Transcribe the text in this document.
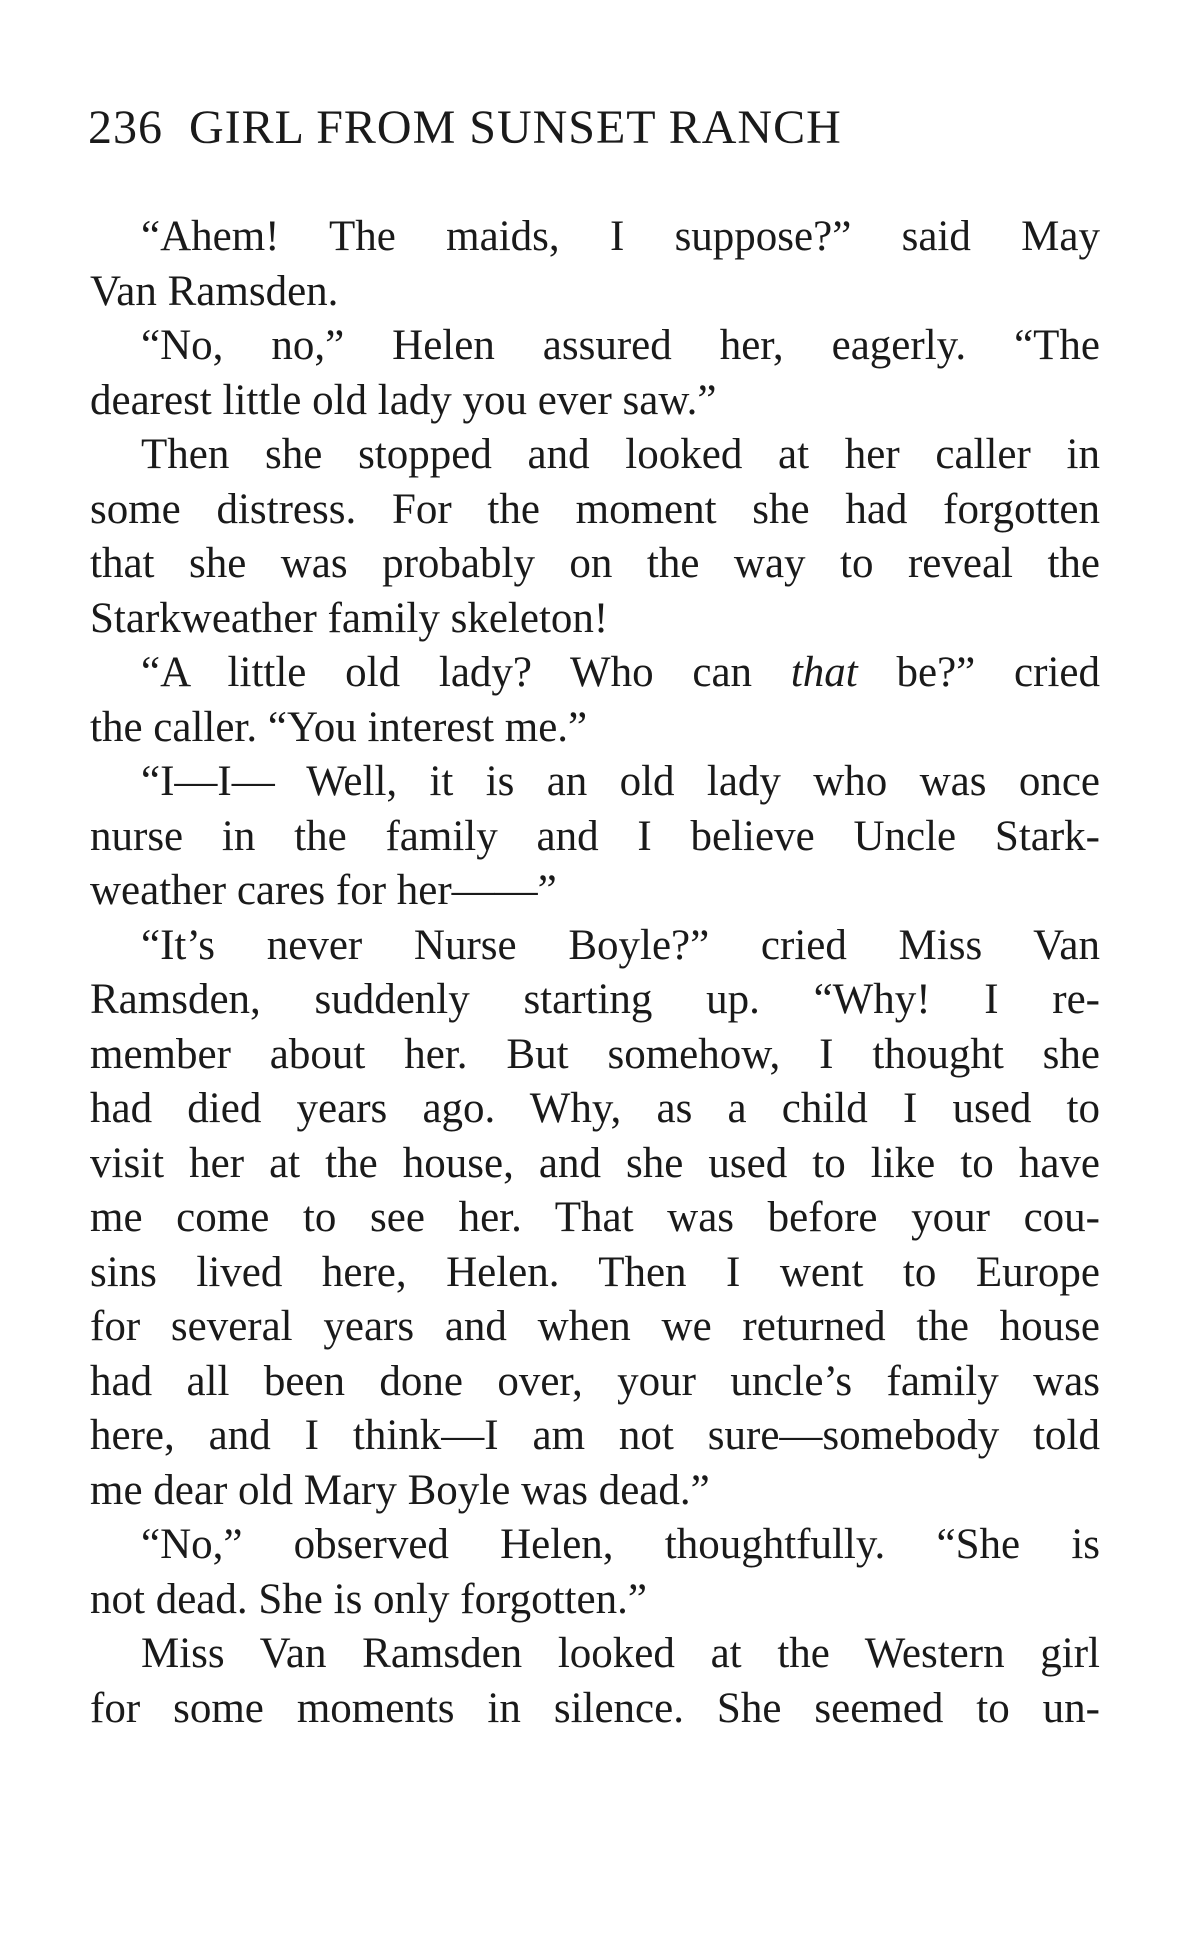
236 GIRL FROM SUNSET RANCH
“Ahem! The maids, I suppose?” said May
Van Ramsden.
“No, no,” Helen assured her, eagerly. “The
dearest little old lady you ever saw.”
Then she stopped and looked at her caller in
some distress. For the moment she had forgotten
that she was probably on the way to reveal the
Starkweather family skeleton!
“A little old lady? Who can that be?” cried
the caller. “You interest me.”
“I—I— Well, it is an old lady who was once
nurse in the family and I believe Uncle Stark-
weather cares for her——”
“It’s never Nurse Boyle?” cried Miss Van
Ramsden, suddenly starting up. “Why! I re-
member about her. But somehow, I thought she
had died years ago. Why, as a child I used to
visit her at the house, and she used to like to have
me come to see her. That was before your cou-
sins lived here, Helen. Then I went to Europe
for several years and when we returned the house
had all been done over, your uncle’s family was
here, and I think—I am not sure—somebody told
me dear old Mary Boyle was dead.”
“No,” observed Helen, thoughtfully. “She is
not dead. She is only forgotten.”
Miss Van Ramsden looked at the Western girl
for some moments in silence. She seemed to un-
